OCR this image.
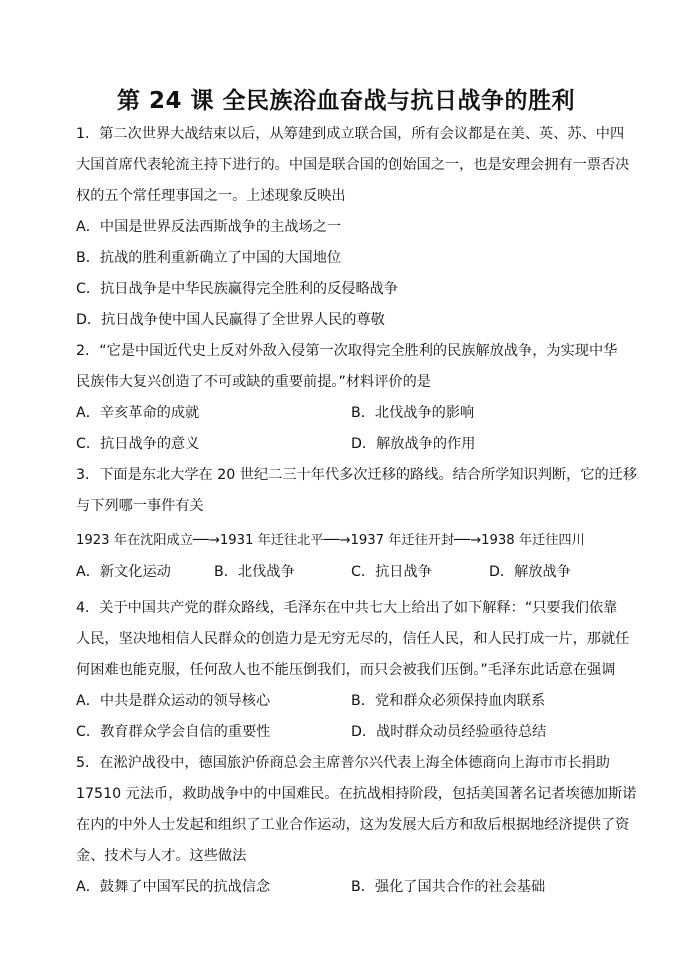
第 24 课 全民族浴血奋战与抗日战争的胜利
1．第二次世界大战结束以后，从筹建到成立联合国，所有会议都是在美、英、苏、中四
大国首席代表轮流主持下进行的。中国是联合国的创始国之一，也是安理会拥有一票否决
权的五个常任理事国之一。上述现象反映出
A．中国是世界反法西斯战争的主战场之一
B．抗战的胜利重新确立了中国的大国地位
C．抗日战争是中华民族赢得完全胜利的反侵略战争
D．抗日战争使中国人民赢得了全世界人民的尊敬
2．“它是中国近代史上反对外敌入侵第一次取得完全胜利的民族解放战争，为实现中华
民族伟大复兴创造了不可或缺的重要前提。”材料评价的是
A．辛亥革命的成就	B．北伐战争的影响
C．抗日战争的意义	D．解放战争的作用
3．下面是东北大学在 20 世纪二三十年代多次迁移的路线。结合所学知识判断，它的迁移
与下列哪一事件有关
1923 年在沈阳成立──→1931 年迁往北平──→1937 年迁往开封──→1938 年迁往四川
A．新文化运动	B．北伐战争	C．抗日战争	D．解放战争
4．关于中国共产党的群众路线，毛泽东在中共七大上给出了如下解释：“只要我们依靠
人民，坚决地相信人民群众的创造力是无穷无尽的，信任人民，和人民打成一片，那就任
何困难也能克服，任何敌人也不能压倒我们，而只会被我们压倒。”毛泽东此话意在强调
A．中共是群众运动的领导核心	B．党和群众必须保持血肉联系
C．教育群众学会自信的重要性	D．战时群众动员经验亟待总结
5．在淞沪战役中，德国旅沪侨商总会主席普尔兴代表上海全体德商向上海市市长捐助
17510 元法币，救助战争中的中国难民。在抗战相持阶段，包括美国著名记者埃德加斯诺
在内的中外人士发起和组织了工业合作运动，这为发展大后方和敌后根据地经济提供了资
金、技术与人才。这些做法
A．鼓舞了中国军民的抗战信念	B．强化了国共合作的社会基础
